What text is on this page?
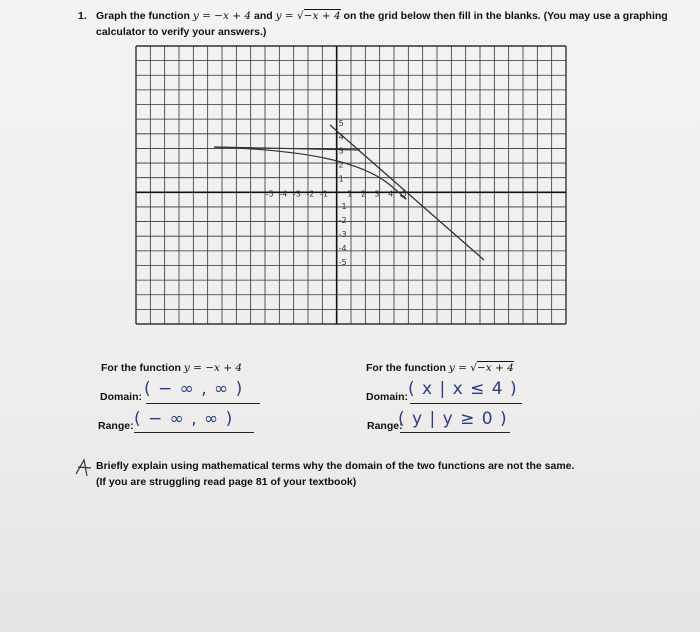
1. Graph the function y = −x + 4 and y = √−x + 4 on the grid below then fill in the blanks. (You may use a graphing
calculator to verify your answers.)
-5 -4 -3 -2 -1 1 2 3 4 5
5
4
3
2
1
-1
-2
-3
-4
-5
For the function y = −x + 4
Domain: ( − ∞ , ∞ )
Range: ( − ∞ , ∞ )
For the function y = √−x + 4
Domain: ( x | x ≤ 4 )
Range:
( y | y ≥ 0 )
Briefly explain using mathematical terms why the domain of the two functions are not the same.
(If you are struggling read page 81 of your textbook)
